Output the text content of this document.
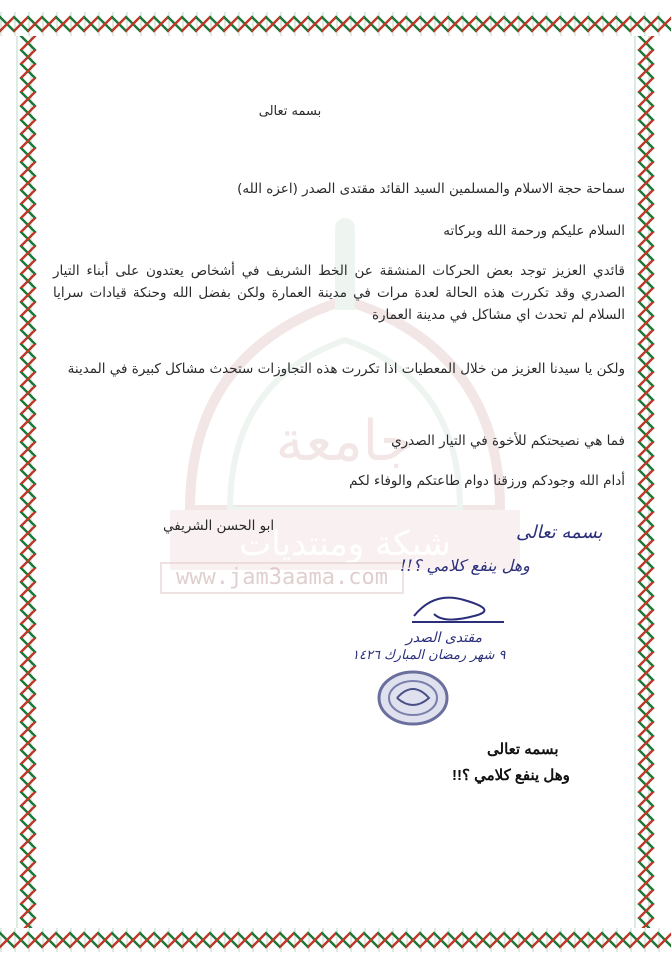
جامعة
شبكة ومنتديات
www.jam3aama.com
بسمه تعالى
سماحة حجة الاسلام والمسلمين السيد القائد مقتدى الصدر (اعزه الله)
السلام عليكم ورحمة الله وبركاته
قائدي العزيز توجد بعض الحركات المنشقة عن الخط الشريف في أشخاص يعتدون على أبناء التيار الصدري وقد تكررت هذه الحالة لعدة مرات في مدينة العمارة ولكن بفضل الله وحنكة قيادات سرايا السلام لم تحدث اي مشاكل في مدينة العمارة
ولكن يا سيدنا العزيز من خلال المعطيات اذا تكررت هذه التجاوزات ستحدث مشاكل كبيرة في المدينة
فما هي نصيحتكم للأخوة في التيار الصدري
أدام الله وجودكم ورزقنا دوام طاعتكم والوفاء لكم
ابو الحسن الشريفي	بسمه تعالى
وهل ينفع كلامي ؟!!
مقتدى الصدر
٩ شهر رمضان المبارك ١٤٢٦
بسمه تعالى
وهل ينفع كلامي ؟!!
